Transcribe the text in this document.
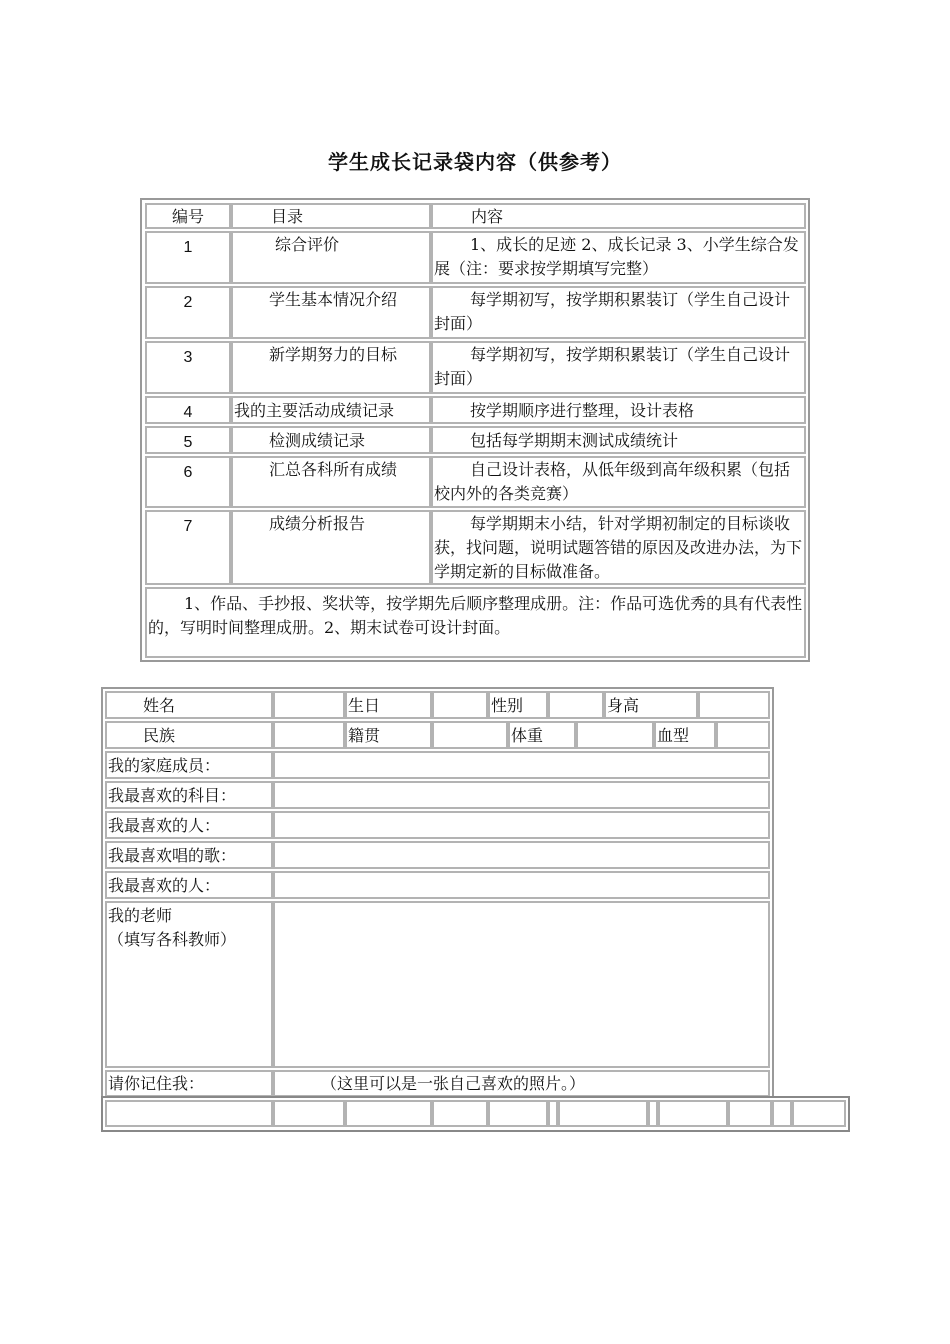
学生成长记录袋内容（供参考）
编号	目录	内容
1	综合评价	1、成长的足迹 2、成长记录 3、小学生综合发展（注：要求按学期填写完整）
2	学生基本情况介绍	每学期初写，按学期积累装订（学生自己设计封面）
3	新学期努力的目标	每学期初写，按学期积累装订（学生自己设计封面）
4	我的主要活动成绩记录	按学期顺序进行整理，设计表格
5	检测成绩记录	包括每学期期末测试成绩统计
6	汇总各科所有成绩	自己设计表格，从低年级到高年级积累（包括校内外的各类竞赛）
7	成绩分析报告	每学期期末小结，针对学期初制定的目标谈收获，找问题，说明试题答错的原因及改进办法，为下学期定新的目标做准备。
1、作品、手抄报、奖状等，按学期先后顺序整理成册。注：作品可选优秀的具有代表性的，写明时间整理成册。2、期末试卷可设计封面。
姓名	生日	性别	身高
民族	籍贯	体重	血型
我的家庭成员：
我最喜欢的科目：
我最喜欢的人：
我最喜欢唱的歌：
我最喜欢的人：
我的老师
（填写各科教师）
请你记住我：	（这里可以是一张自己喜欢的照片。）
